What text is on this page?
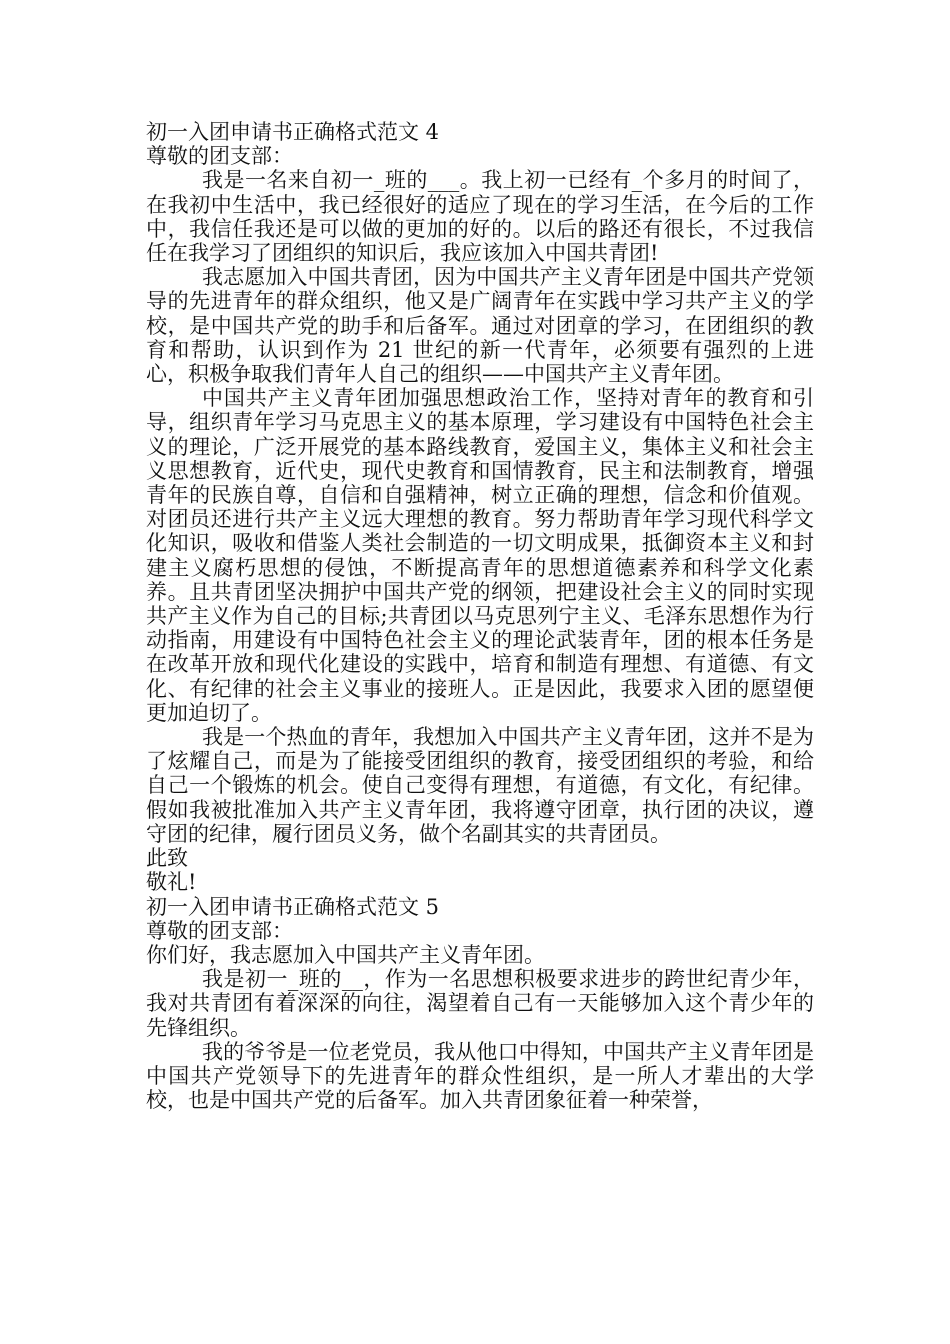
初一入团申请书正确格式范文 4

尊敬的团支部：

我是一名来自初一_班的___。我上初一已经有_个多月的时间了，在我初中生活中，我已经很好的适应了现在的学习生活，在今后的工作中，我信任我还是可以做的更加的好的。以后的路还有很长，不过我信任在我学习了团组织的知识后，我应该加入中国共青团!

我志愿加入中国共青团，因为中国共产主义青年团是中国共产党领导的先进青年的群众组织，他又是广阔青年在实践中学习共产主义的学校，是中国共产党的助手和后备军。通过对团章的学习，在团组织的教育和帮助，认识到作为 21 世纪的新一代青年，必须要有强烈的上进心，积极争取我们青年人自己的组织——中国共产主义青年团。

中国共产主义青年团加强思想政治工作，坚持对青年的教育和引导，组织青年学习马克思主义的基本原理，学习建设有中国特色社会主义的理论，广泛开展党的基本路线教育，爱国主义，集体主义和社会主义思想教育，近代史，现代史教育和国情教育，民主和法制教育，增强青年的民族自尊，自信和自强精神，树立正确的理想，信念和价值观。对团员还进行共产主义远大理想的教育。努力帮助青年学习现代科学文化知识，吸收和借鉴人类社会制造的一切文明成果，抵御资本主义和封建主义腐朽思想的侵蚀，不断提高青年的思想道德素养和科学文化素养。且共青团坚决拥护中国共产党的纲领，把建设社会主义的同时实现共产主义作为自己的目标;共青团以马克思列宁主义、毛泽东思想作为行动指南，用建设有中国特色社会主义的理论武装青年，团的根本任务是在改革开放和现代化建设的实践中，培育和制造有理想、有道德、有文化、有纪律的社会主义事业的接班人。正是因此，我要求入团的愿望便更加迫切了。

我是一个热血的青年，我想加入中国共产主义青年团，这并不是为了炫耀自己，而是为了能接受团组织的教育，接受团组织的考验，和给自己一个锻炼的机会。使自己变得有理想，有道德，有文化，有纪律。假如我被批准加入共产主义青年团，我将遵守团章，执行团的决议，遵守团的纪律，履行团员义务，做个名副其实的共青团员。

此致

敬礼!

初一入团申请书正确格式范文 5

尊敬的团支部：

你们好，我志愿加入中国共产主义青年团。

我是初一_班的__，作为一名思想积极要求进步的跨世纪青少年，我对共青团有着深深的向往，渴望着自己有一天能够加入这个青少年的先锋组织。

我的爷爷是一位老党员，我从他口中得知，中国共产主义青年团是中国共产党领导下的先进青年的群众性组织，是一所人才辈出的大学校，也是中国共产党的后备军。加入共青团象征着一种荣誉，
